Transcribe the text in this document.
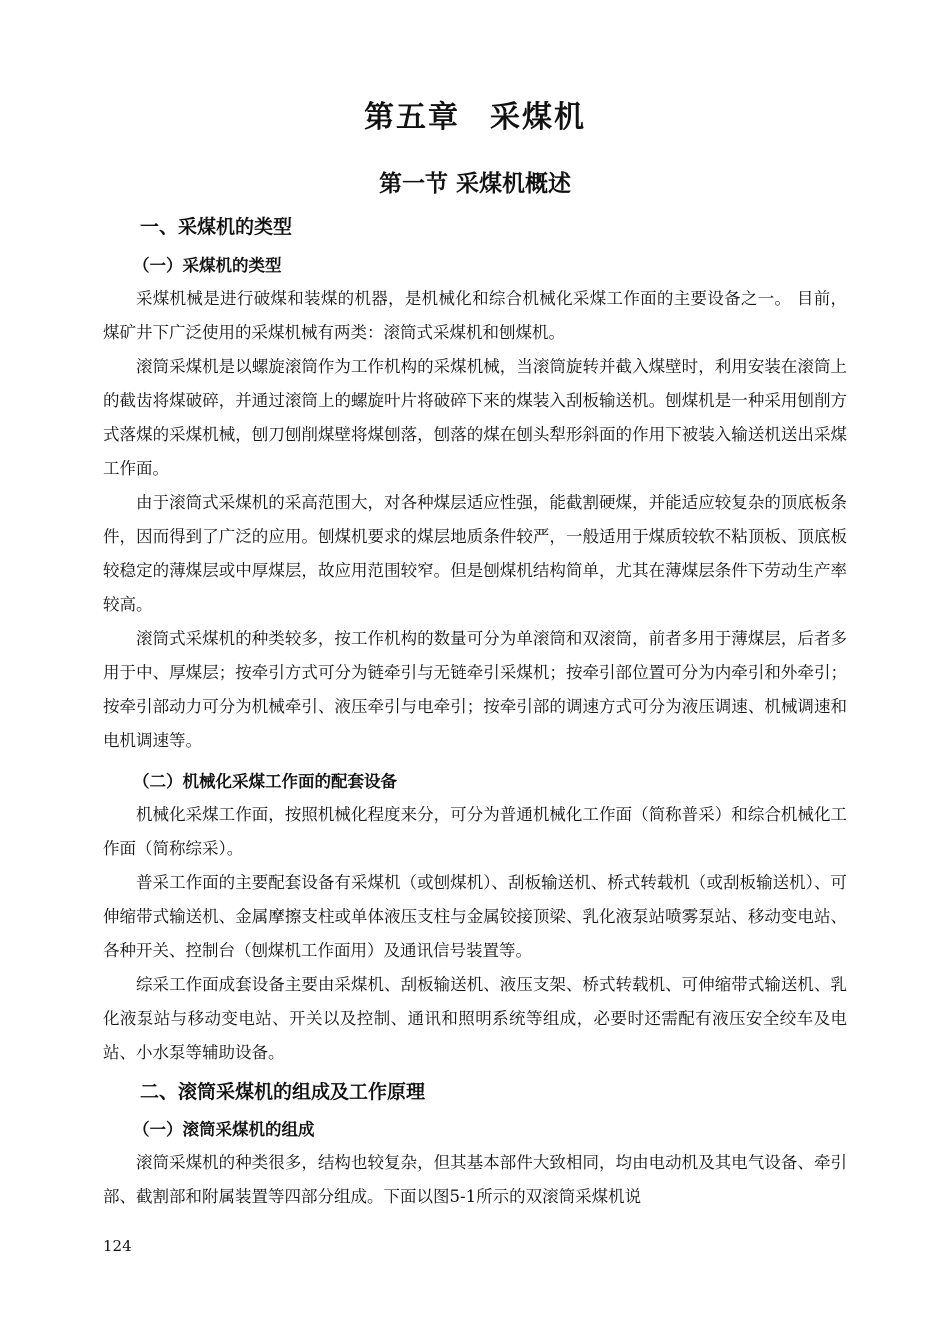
第五章 采煤机
第一节 采煤机概述
一、采煤机的类型
（一）采煤机的类型

采煤机械是进行破煤和装煤的机器，是机械化和综合机械化采煤工作面的主要设备之一。 目前，煤矿井下广泛使用的采煤机械有两类：滚筒式采煤机和刨煤机。

滚筒采煤机是以螺旋滚筒作为工作机构的采煤机械，当滚筒旋转并截入煤壁时，利用安装在滚筒上的截齿将煤破碎，并通过滚筒上的螺旋叶片将破碎下来的煤装入刮板输送机。刨煤机是一种采用刨削方式落煤的采煤机械，刨刀刨削煤壁将煤刨落，刨落的煤在刨头犁形斜面的作用下被装入输送机送出采煤工作面。

由于滚筒式采煤机的采高范围大，对各种煤层适应性强，能截割硬煤，并能适应较复杂的顶底板条件，因而得到了广泛的应用。刨煤机要求的煤层地质条件较严，一般适用于煤质较软不粘顶板、顶底板较稳定的薄煤层或中厚煤层，故应用范围较窄。但是刨煤机结构简单，尤其在薄煤层条件下劳动生产率较高。

滚筒式采煤机的种类较多，按工作机构的数量可分为单滚筒和双滚筒，前者多用于薄煤层，后者多用于中、厚煤层；按牵引方式可分为链牵引与无链牵引采煤机；按牵引部位置可分为内牵引和外牵引；按牵引部动力可分为机械牵引、液压牵引与电牵引；按牵引部的调速方式可分为液压调速、机械调速和电机调速等。

（二）机械化采煤工作面的配套设备

机械化采煤工作面，按照机械化程度来分，可分为普通机械化工作面（简称普采）和综合机械化工作面（简称综采）。

普采工作面的主要配套设备有采煤机（或刨煤机）、刮板输送机、桥式转载机（或刮板输送机）、可伸缩带式输送机、金属摩擦支柱或单体液压支柱与金属铰接顶梁、乳化液泵站喷雾泵站、移动变电站、各种开关、控制台（刨煤机工作面用）及通讯信号装置等。

综采工作面成套设备主要由采煤机、刮板输送机、液压支架、桥式转载机、可伸缩带式输送机、乳化液泵站与移动变电站、开关以及控制、通讯和照明系统等组成，必要时还需配有液压安全绞车及电站、小水泵等辅助设备。

二、滚筒采煤机的组成及工作原理
（一）滚筒采煤机的组成

滚筒采煤机的种类很多，结构也较复杂，但其基本部件大致相同，均由电动机及其电气设备、牵引部、截割部和附属装置等四部分组成。下面以图5-1所示的双滚筒采煤机说

124
